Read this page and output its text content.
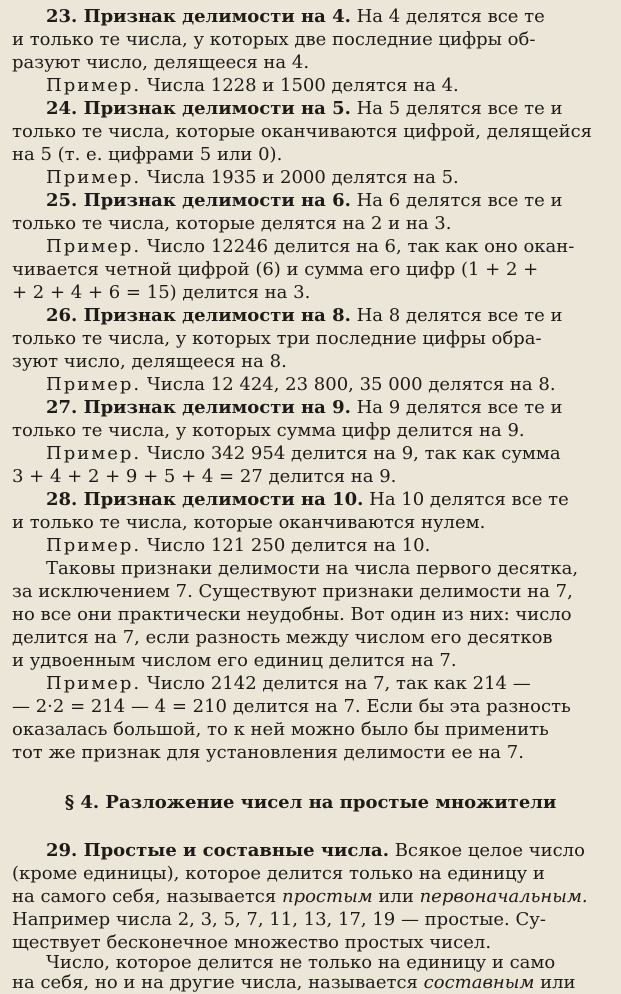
23. Признак делимости на 4. На 4 делятся все те
и только те числа, у которых две последние цифры об-
разуют число, делящееся на 4.
Пример. Числа 1228 и 1500 делятся на 4.
24. Признак делимости на 5. На 5 делятся все те и
только те числа, которые оканчиваются цифрой, делящейся
на 5 (т. е. цифрами 5 или 0).
Пример. Числа 1935 и 2000 делятся на 5.
25. Признак делимости на 6. На 6 делятся все те и
только те числа, которые делятся на 2 и на 3.
Пример. Число 12246 делится на 6, так как оно окан-
чивается четной цифрой (6) и сумма его цифр (1 + 2 +
+ 2 + 4 + 6 = 15) делится на 3.
26. Признак делимости на 8. На 8 делятся все те и
только те числа, у которых три последние цифры обра-
зуют число, делящееся на 8.
Пример. Числа 12 424, 23 800, 35 000 делятся на 8.
27. Признак делимости на 9. На 9 делятся все те и
только те числа, у которых сумма цифр делится на 9.
Пример. Число 342 954 делится на 9, так как сумма
3 + 4 + 2 + 9 + 5 + 4 = 27 делится на 9.
28. Признак делимости на 10. На 10 делятся все те
и только те числа, которые оканчиваются нулем.
Пример. Число 121 250 делится на 10.
Таковы признаки делимости на числа первого десятка,
за исключением 7. Существуют признаки делимости на 7,
но все они практически неудобны. Вот один из них: число
делится на 7, если разность между числом его десятков
и удвоенным числом его единиц делится на 7.
Пример. Число 2142 делится на 7, так как 214 —
— 2·2 = 214 — 4 = 210 делится на 7. Если бы эта разность
оказалась большой, то к ней можно было бы применить
тот же признак для установления делимости ее на 7.
§ 4. Разложение чисел на простые множители
29. Простые и составные числа. Всякое целое число
(кроме единицы), которое делится только на единицу и
на самого себя, называется простым или первоначальным.
Например числа 2, 3, 5, 7, 11, 13, 17, 19 — простые. Су-
ществует бесконечное множество простых чисел.
Число, которое делится не только на единицу и само
на себя, но и на другие числа, называется составным или
